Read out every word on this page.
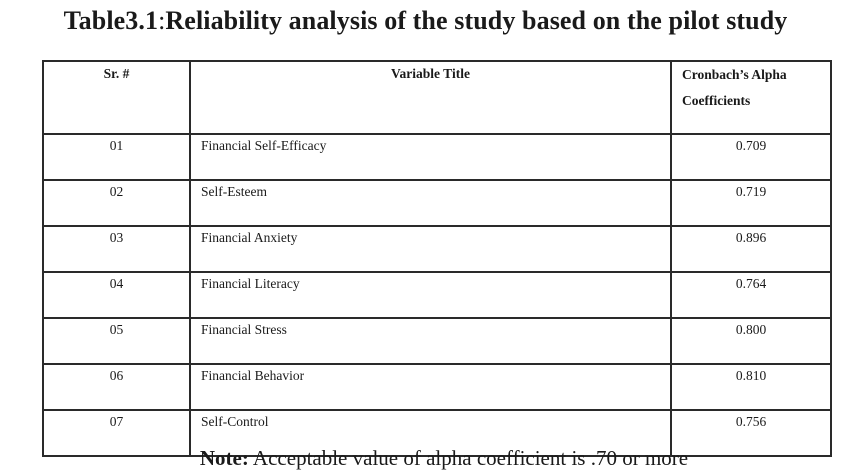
Table3.1:Reliability analysis of the study based on the pilot study
Sr. #	Variable Title	Cronbach’s Alpha
Coefficients
01	Financial Self-Efficacy	0.709
02	Self-Esteem	0.719
03	Financial Anxiety	0.896
04	Financial Literacy	0.764
05	Financial Stress	0.800
06	Financial Behavior	0.810
07	Self-Control	0.756
Note: Acceptable value of alpha coefficient is .70 or more
